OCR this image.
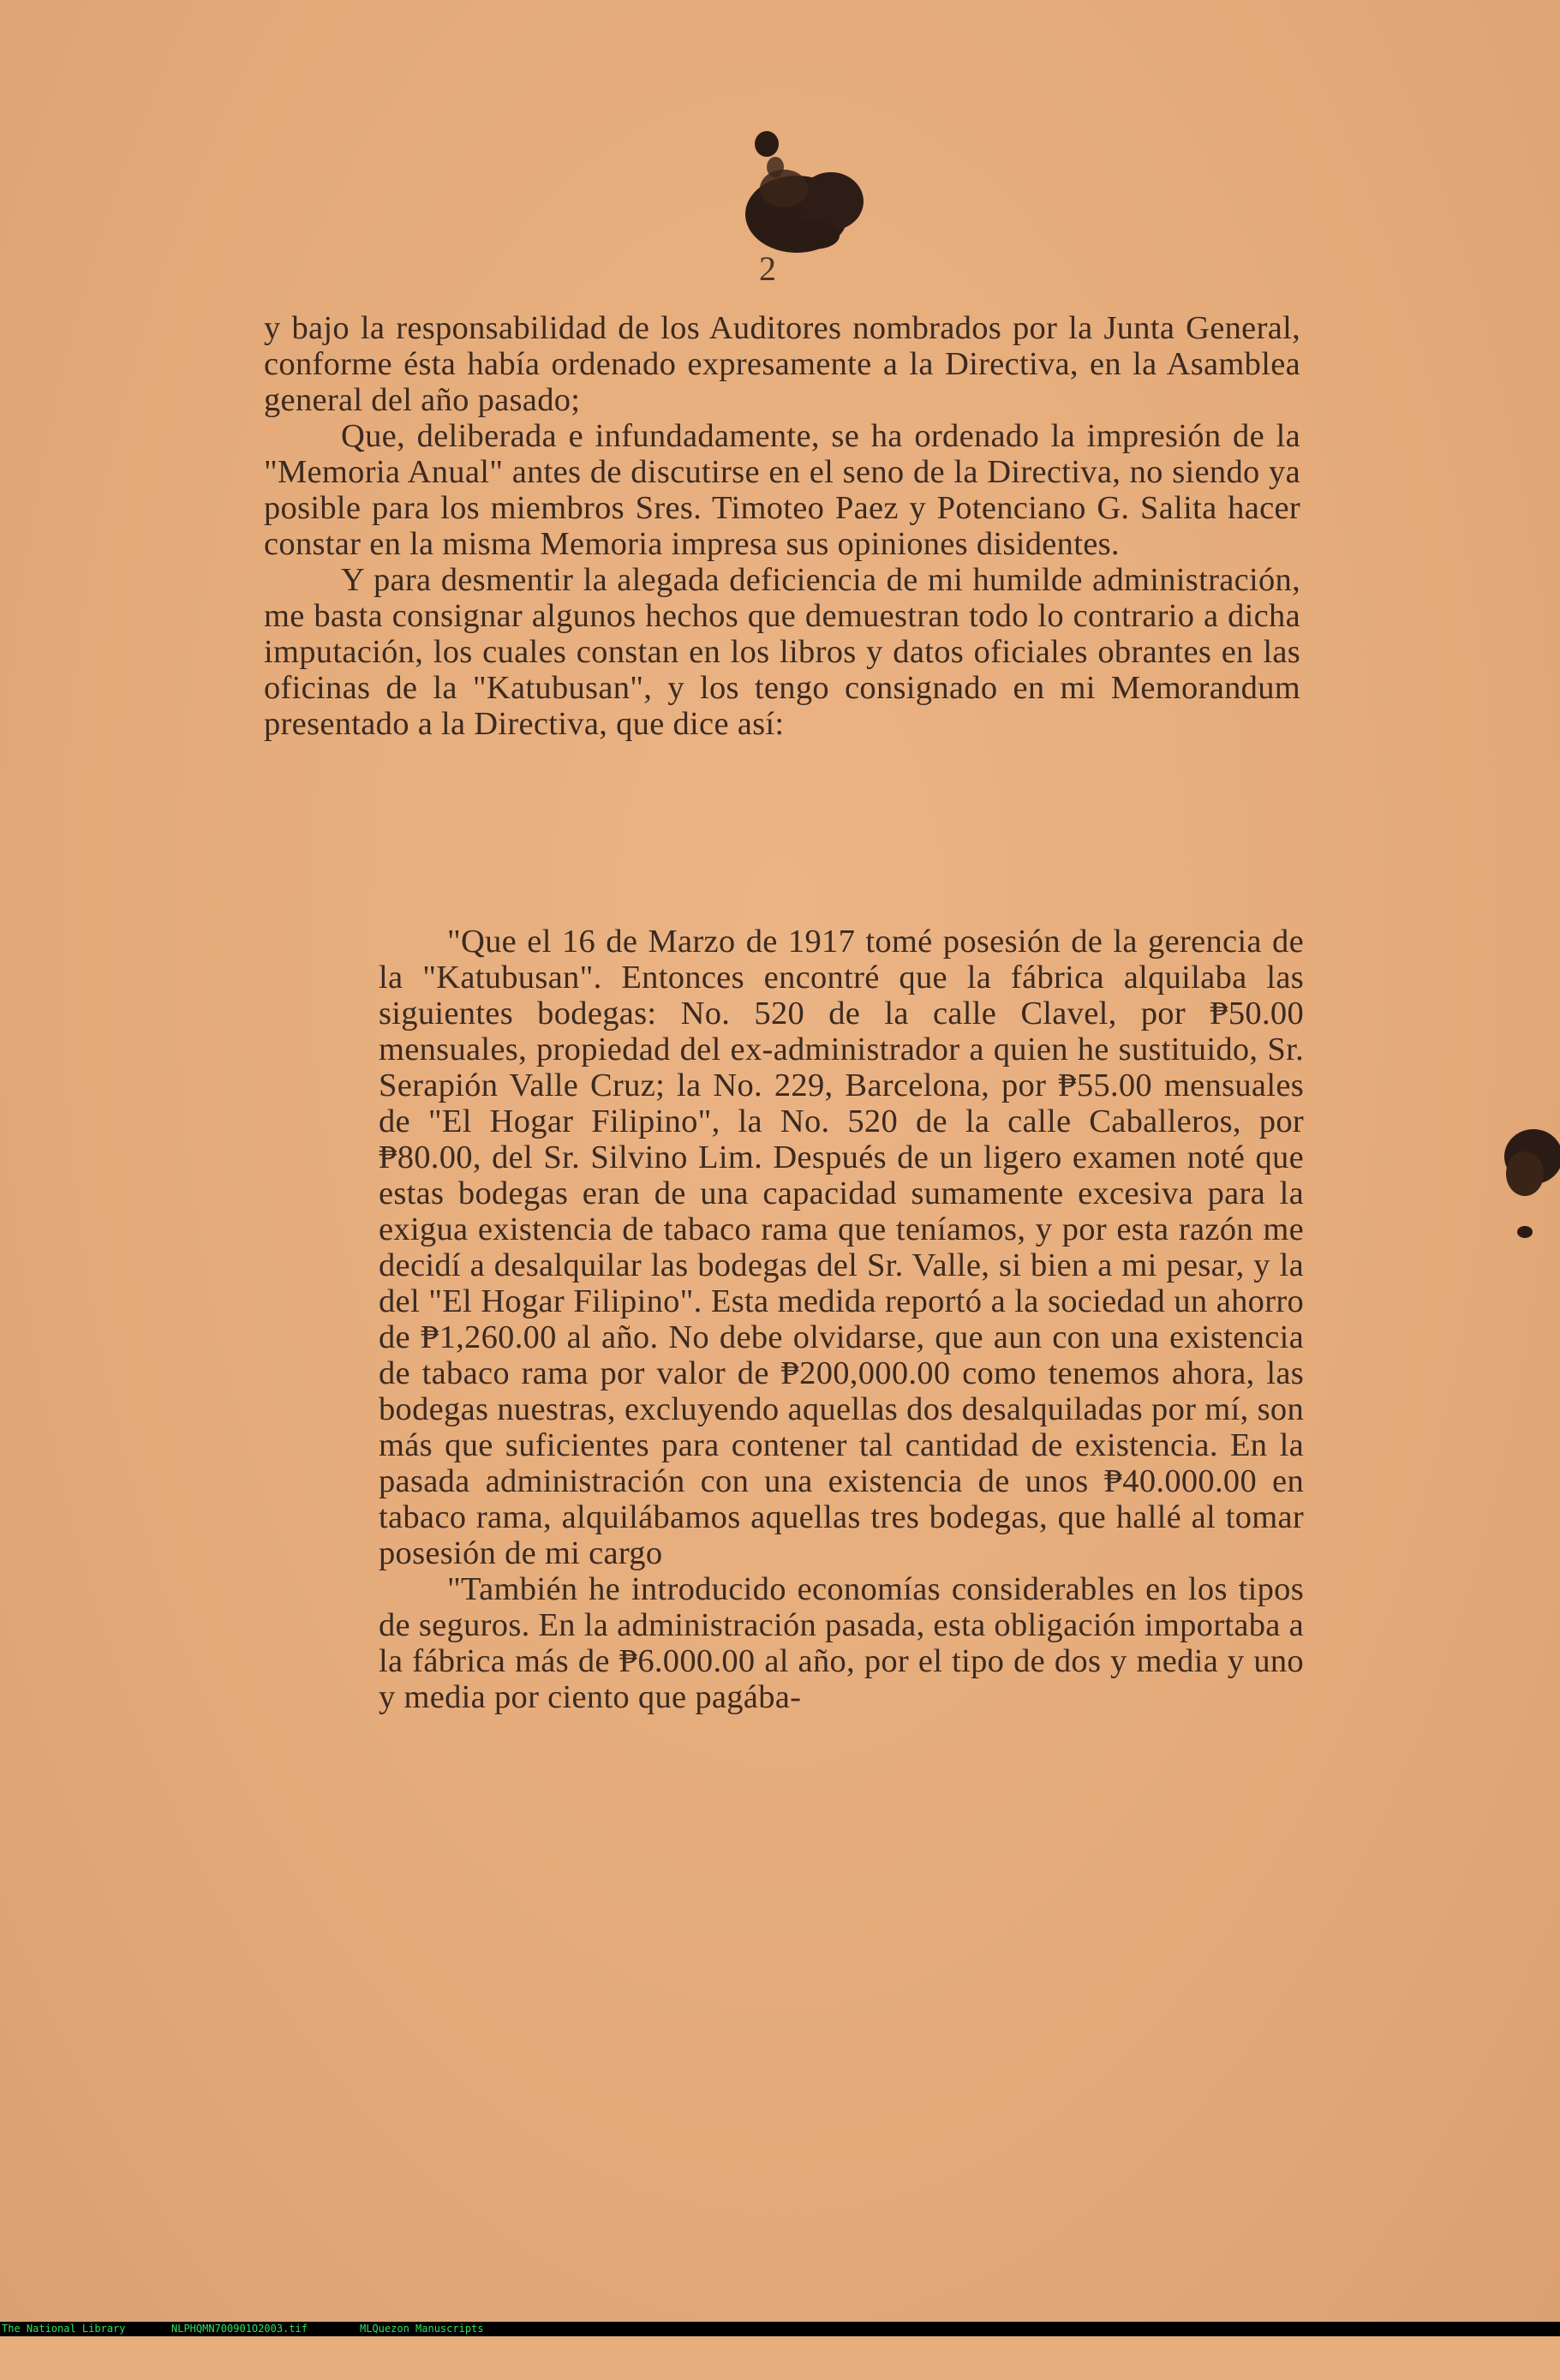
2

y bajo la responsabilidad de los Auditores nombrados por la Junta General, conforme ésta había ordenado expresamente a la Directiva, en la Asamblea general del año pasado;

Que, deliberada e infundadamente, se ha ordenado la impresión de la "Memoria Anual" antes de discutirse en el seno de la Directiva, no siendo ya posible para los miembros Sres. Timoteo Paez y Potenciano G. Salita hacer constar en la misma Memoria impresa sus opiniones disidentes.

Y para desmentir la alegada deficiencia de mi humilde administración, me basta consignar algunos hechos que demuestran todo lo contrario a dicha imputación, los cuales constan en los libros y datos oficiales obrantes en las oficinas de la "Katubusan", y los tengo consignado en mi Memorandum presentado a la Directiva, que dice así:

"Que el 16 de Marzo de 1917 tomé posesión de la gerencia de la "Katubusan". Entonces encontré que la fábrica alquilaba las siguientes bodegas: No. 520 de la calle Clavel, por ₱50.00 mensuales, propiedad del ex-administrador a quien he sustituido, Sr. Serapión Valle Cruz; la No. 229, Barcelona, por ₱55.00 mensuales de "El Hogar Filipino", la No. 520 de la calle Caballeros, por ₱80.00, del Sr. Silvino Lim. Después de un ligero examen noté que estas bodegas eran de una capacidad sumamente excesiva para la exigua existencia de tabaco rama que teníamos, y por esta razón me decidí a desalquilar las bodegas del Sr. Valle, si bien a mi pesar, y la del "El Hogar Filipino". Esta medida reportó a la sociedad un ahorro de ₱1,260.00 al año. No debe olvidarse, que aun con una existencia de tabaco rama por valor de ₱200,000.00 como tenemos ahora, las bodegas nuestras, excluyendo aquellas dos desalquiladas por mí, son más que suficientes para contener tal cantidad de existencia. En la pasada administración con una existencia de unos ₱40.000.00 en tabaco rama, alquilábamos aquellas tres bodegas, que hallé al tomar posesión de mi cargo

"También he introducido economías considerables en los tipos de seguros. En la administración pasada, esta obligación importaba a la fábrica más de ₱6.000.00 al año, por el tipo de dos y media y uno y media por ciento que pagába-

The National Library

	NLPHQMN700901O2003.tif

	MLQuezon Manuscripts
